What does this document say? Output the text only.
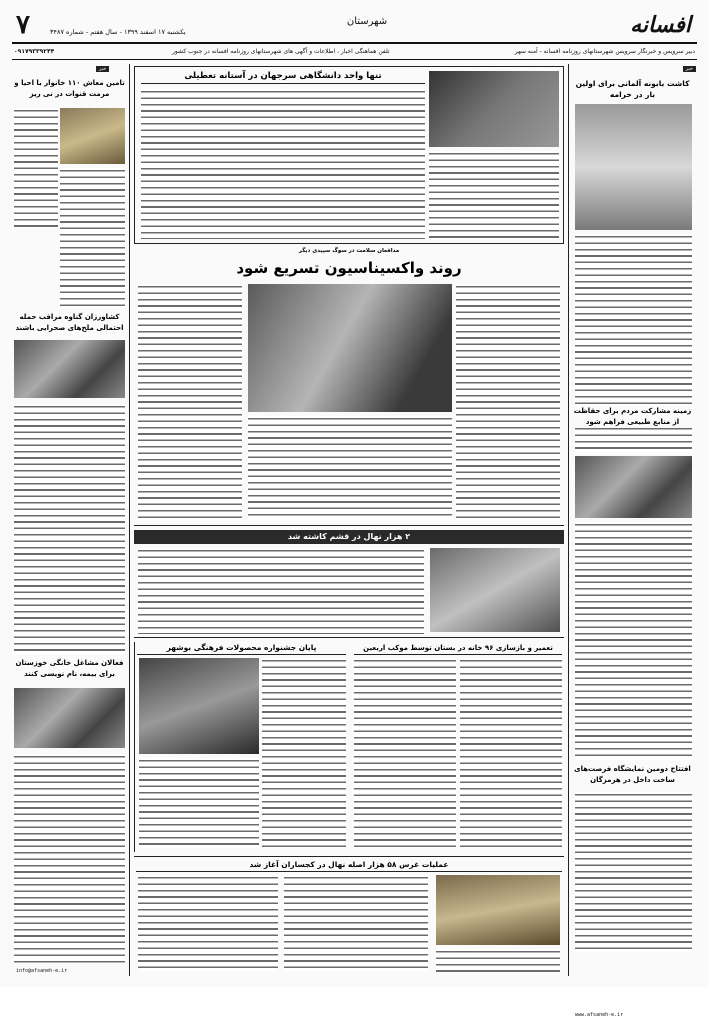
افسانه
شهرستان
یکشنبه ۱۷ اسفند ۱۳۹۹ - سال هفتم - شماره ۳۴۸۷
۷
دبیر سرویس و خبرنگار سرویس شهرستانهای روزنامه افسانه - آمنه سهر
تلفن هماهنگی اخبار ، اطلاعات و آگهی های شهرستانهای روزنامه افسانه در جنوب کشور
۰۹۱۷۹۳۳۹۲۴۴
خبر
کاشت بابونه آلمانی برای اولین بار در خرامه
زمینه مشارکت مردم برای حفاظت از منابع طبیعی فراهم شود
افتتاح دومین نمایشگاه فرصت‌های ساخت داخل در هرمزگان
www.afsaneh-e.ir
خبر
تامین معاش ۱۱۰ خانوار با احیا و مرمت قنوات در نی ریز
کشاورزان گناوه مراقب حمله احتمالی ملخ‌های صحرایی باشند
فعالان مشاغل خانگی خوزستان برای بیمه، نام نویسی کنند
info@afsaneh-e.ir
تنها واحد دانشگاهی سرجهان در آستانه تعطیلی
مدافعان سلامت در سوگ سپیدی دیگر
روند واکسیناسیون تسریع شود
۲ هزار نهال در قشم کاشته شد
پایان جشنواره محصولات فرهنگی بوشهر	تعمیر و بازسازی ۹۶ خانه در بستان توسط موکب اربعین
عملیات غرس ۵۸ هزار اصله نهال در کجساران آغاز شد
